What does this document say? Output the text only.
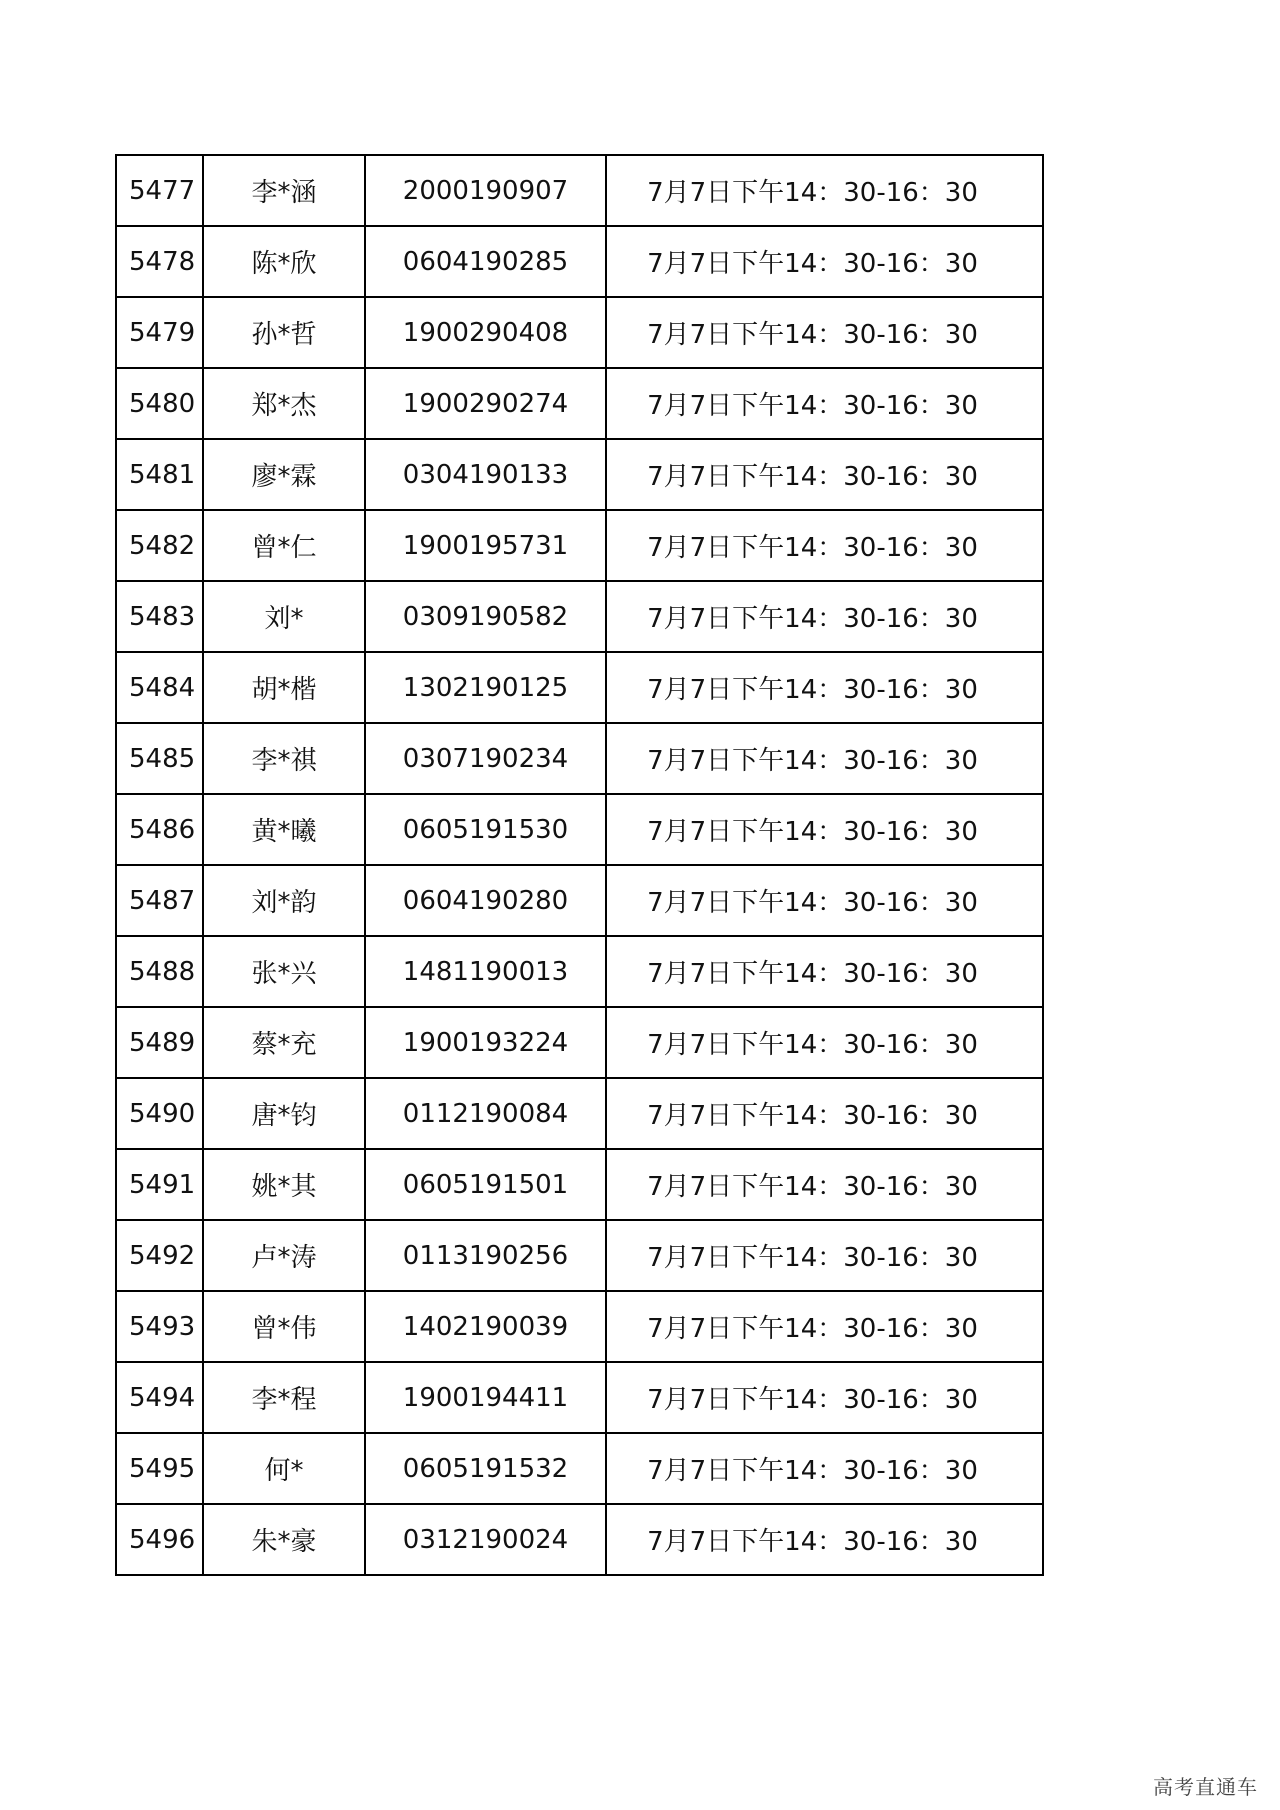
5477	李*涵	2000190907	7月7日下午14：30-16：30
5478	陈*欣	0604190285	7月7日下午14：30-16：30
5479	孙*哲	1900290408	7月7日下午14：30-16：30
5480	郑*杰	1900290274	7月7日下午14：30-16：30
5481	廖*霖	0304190133	7月7日下午14：30-16：30
5482	曾*仁	1900195731	7月7日下午14：30-16：30
5483	刘*	0309190582	7月7日下午14：30-16：30
5484	胡*楷	1302190125	7月7日下午14：30-16：30
5485	李*祺	0307190234	7月7日下午14：30-16：30
5486	黄*曦	0605191530	7月7日下午14：30-16：30
5487	刘*韵	0604190280	7月7日下午14：30-16：30
5488	张*兴	1481190013	7月7日下午14：30-16：30
5489	蔡*充	1900193224	7月7日下午14：30-16：30
5490	唐*钧	0112190084	7月7日下午14：30-16：30
5491	姚*其	0605191501	7月7日下午14：30-16：30
5492	卢*涛	0113190256	7月7日下午14：30-16：30
5493	曾*伟	1402190039	7月7日下午14：30-16：30
5494	李*程	1900194411	7月7日下午14：30-16：30
5495	何*	0605191532	7月7日下午14：30-16：30
5496	朱*豪	0312190024	7月7日下午14：30-16：30
高考直通车
